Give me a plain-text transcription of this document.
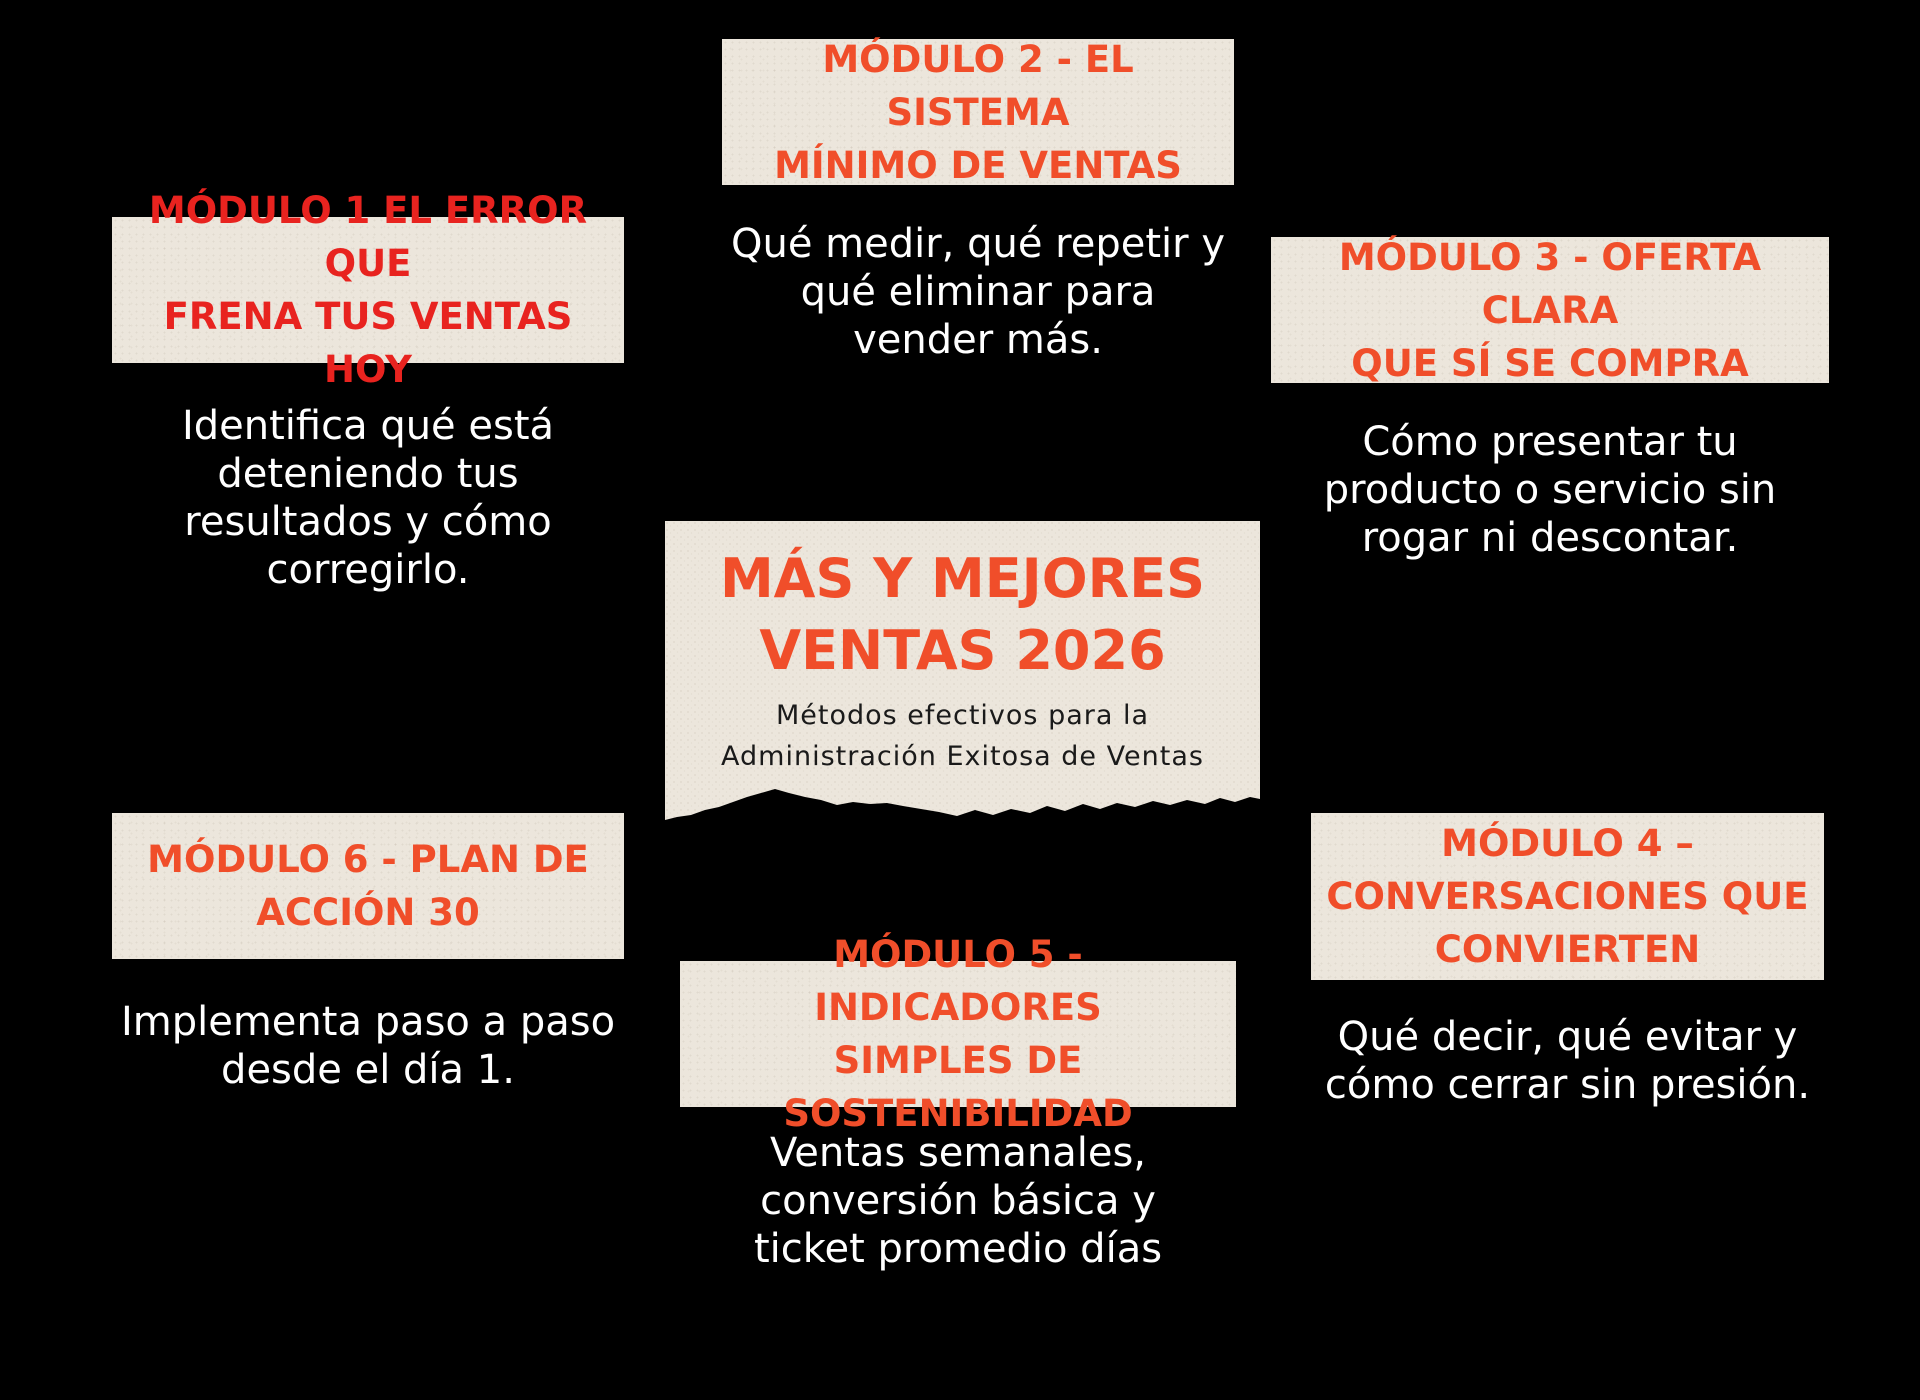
MÓDULO 1 EL ERROR QUE
FRENA TUS VENTAS HOY
Identifica qué está
deteniendo tus
resultados y cómo
corregirlo.
MÓDULO 2 - EL SISTEMA
MÍNIMO DE VENTAS
Qué medir, qué repetir y
qué eliminar para
vender más.
MÓDULO 3 - OFERTA CLARA
QUE SÍ SE COMPRA
Cómo presentar tu
producto o servicio sin
rogar ni descontar.
MÁS Y MEJORES
VENTAS 2026
Métodos efectivos para la
Administración Exitosa de Ventas
MÓDULO 6 - PLAN DE
ACCIÓN 30
Implementa paso a paso
desde el día 1.
MÓDULO 4 –
CONVERSACIONES QUE
CONVIERTEN
Qué decir, qué evitar y
cómo cerrar sin presión.
MÓDULO 5 - INDICADORES
SIMPLES DE SOSTENIBILIDAD
Ventas semanales,
conversión básica y
ticket promedio días
